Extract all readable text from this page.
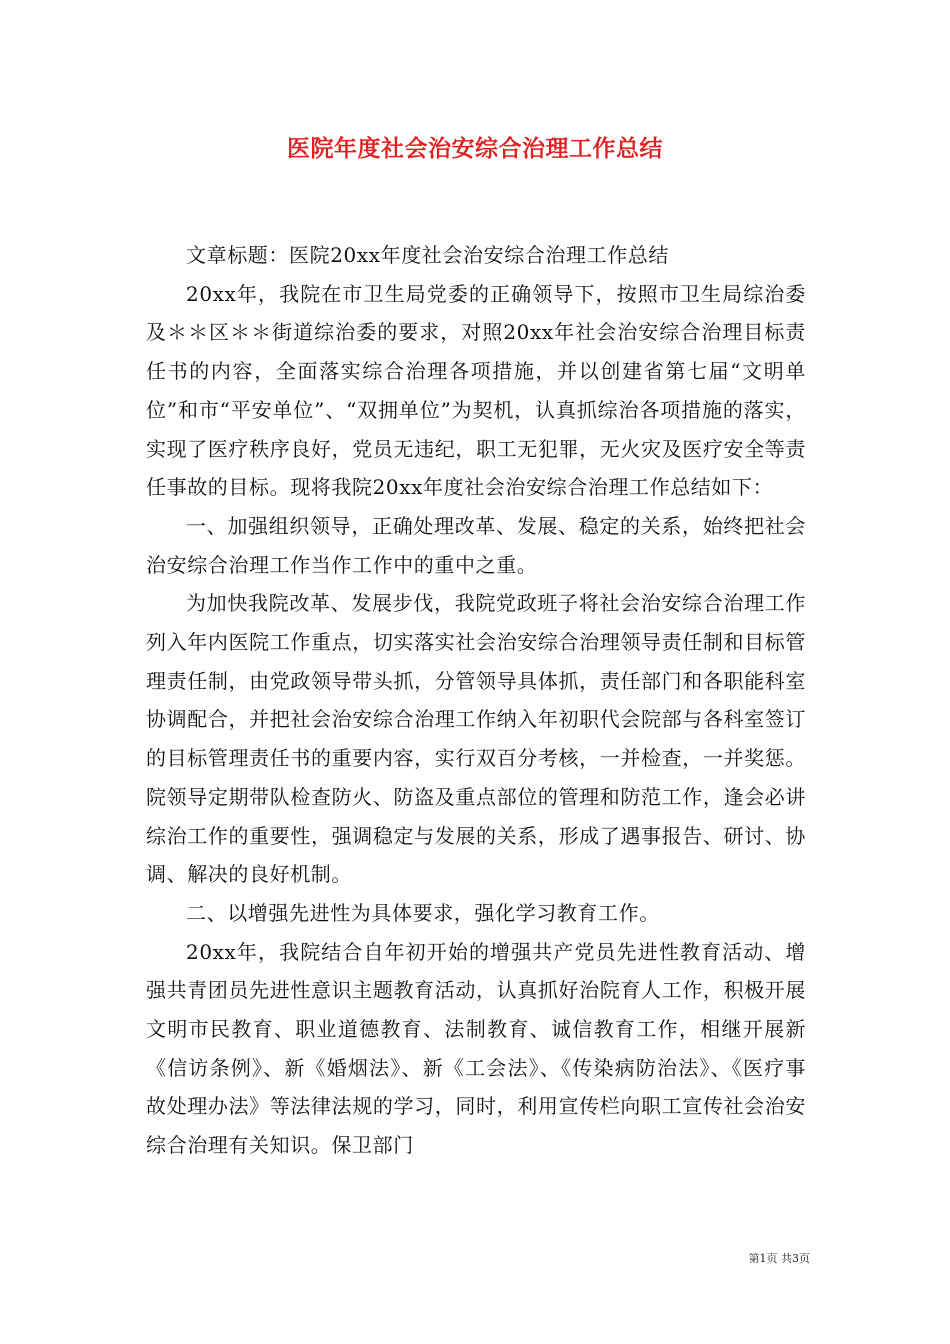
医院年度社会治安综合治理工作总结

文章标题：医院20xx年度社会治安综合治理工作总结

20xx年，我院在市卫生局党委的正确领导下，按照市卫生局综治委及＊＊区＊＊街道综治委的要求，对照20xx年社会治安综合治理目标责任书的内容，全面落实综合治理各项措施，并以创建省第七届“文明单位”和市“平安单位”、“双拥单位”为契机，认真抓综治各项措施的落实，实现了医疗秩序良好，党员无违纪，职工无犯罪，无火灾及医疗安全等责任事故的目标。现将我院20xx年度社会治安综合治理工作总结如下：

一、加强组织领导，正确处理改革、发展、稳定的关系，始终把社会治安综合治理工作当作工作中的重中之重。

为加快我院改革、发展步伐，我院党政班子将社会治安综合治理工作列入年内医院工作重点，切实落实社会治安综合治理领导责任制和目标管理责任制，由党政领导带头抓，分管领导具体抓，责任部门和各职能科室协调配合，并把社会治安综合治理工作纳入年初职代会院部与各科室签订的目标管理责任书的重要内容，实行双百分考核，一并检查，一并奖惩。院领导定期带队检查防火、防盗及重点部位的管理和防范工作，逢会必讲综治工作的重要性，强调稳定与发展的关系，形成了遇事报告、研讨、协调、解决的良好机制。

二、以增强先进性为具体要求，强化学习教育工作。

20xx年，我院结合自年初开始的增强共产党员先进性教育活动、增强共青团员先进性意识主题教育活动，认真抓好治院育人工作，积极开展文明市民教育、职业道德教育、法制教育、诚信教育工作，相继开展新《信访条例》、新《婚烟法》、新《工会法》、《传染病防治法》、《医疗事故处理办法》等法律法规的学习，同时，利用宣传栏向职工宣传社会治安综合治理有关知识。保卫部门

第1页 共3页
